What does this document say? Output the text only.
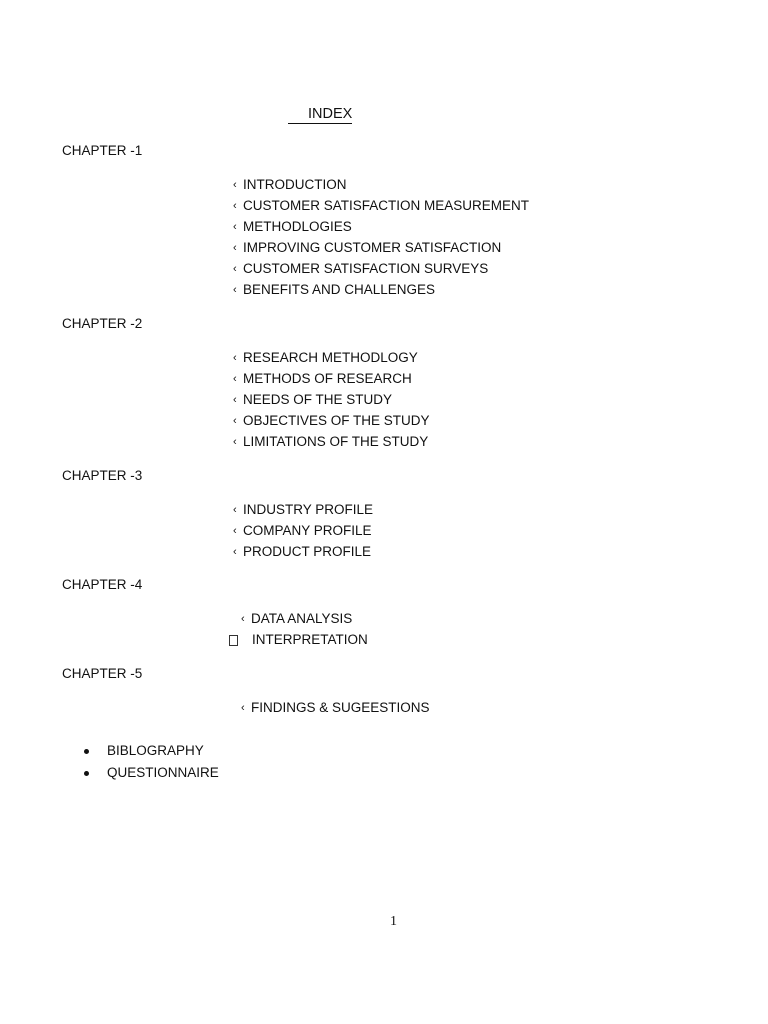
INDEX
CHAPTER -1
‹ INTRODUCTION
‹ CUSTOMER SATISFACTION MEASUREMENT
‹ METHODLOGIES
‹ IMPROVING CUSTOMER SATISFACTION
‹ CUSTOMER SATISFACTION SURVEYS
‹ BENEFITS AND CHALLENGES
CHAPTER -2
‹ RESEARCH METHODLOGY
‹ METHODS OF RESEARCH
‹ NEEDS OF THE STUDY
‹ OBJECTIVES OF THE STUDY
‹ LIMITATIONS OF THE STUDY
CHAPTER -3
‹ INDUSTRY PROFILE
‹ COMPANY PROFILE
‹ PRODUCT PROFILE
CHAPTER -4
‹ DATA ANALYSIS
INTERPRETATION
CHAPTER -5
‹ FINDINGS & SUGEESTIONS
BIBLOGRAPHY
QUESTIONNAIRE
1
